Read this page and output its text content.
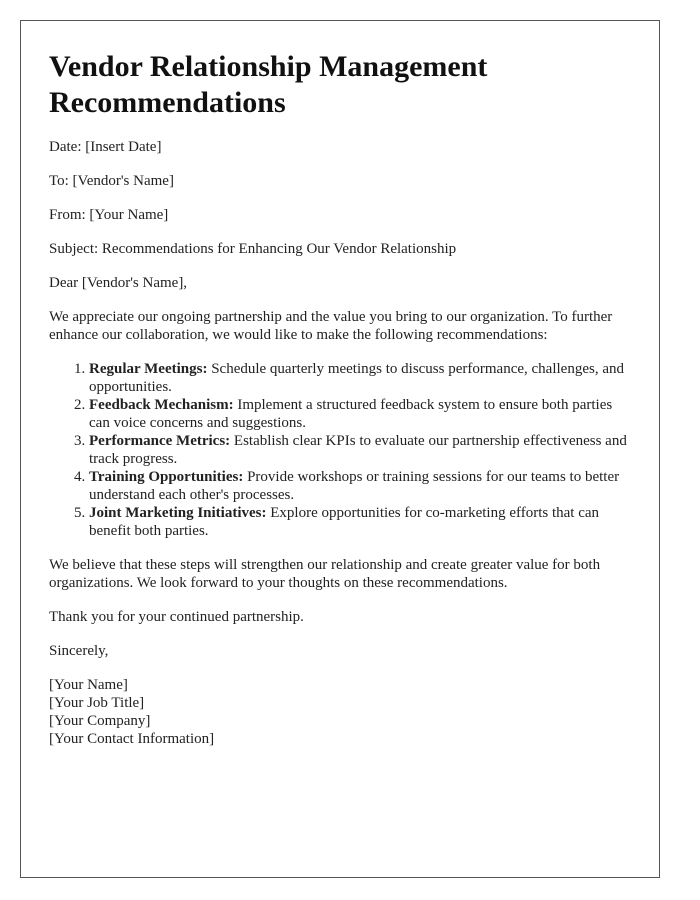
Vendor Relationship Management Recommendations

Date: [Insert Date]

To: [Vendor's Name]

From: [Your Name]

Subject: Recommendations for Enhancing Our Vendor Relationship

Dear [Vendor's Name],

We appreciate our ongoing partnership and the value you bring to our organization. To further enhance our collaboration, we would like to make the following recommendations:

1. Regular Meetings: Schedule quarterly meetings to discuss performance, challenges, and opportunities.
2. Feedback Mechanism: Implement a structured feedback system to ensure both parties can voice concerns and suggestions.
3. Performance Metrics: Establish clear KPIs to evaluate our partnership effectiveness and track progress.
4. Training Opportunities: Provide workshops or training sessions for our teams to better understand each other's processes.
5. Joint Marketing Initiatives: Explore opportunities for co-marketing efforts that can benefit both parties.

We believe that these steps will strengthen our relationship and create greater value for both organizations. We look forward to your thoughts on these recommendations.

Thank you for your continued partnership.

Sincerely,

[Your Name]
[Your Job Title]
[Your Company]
[Your Contact Information]
